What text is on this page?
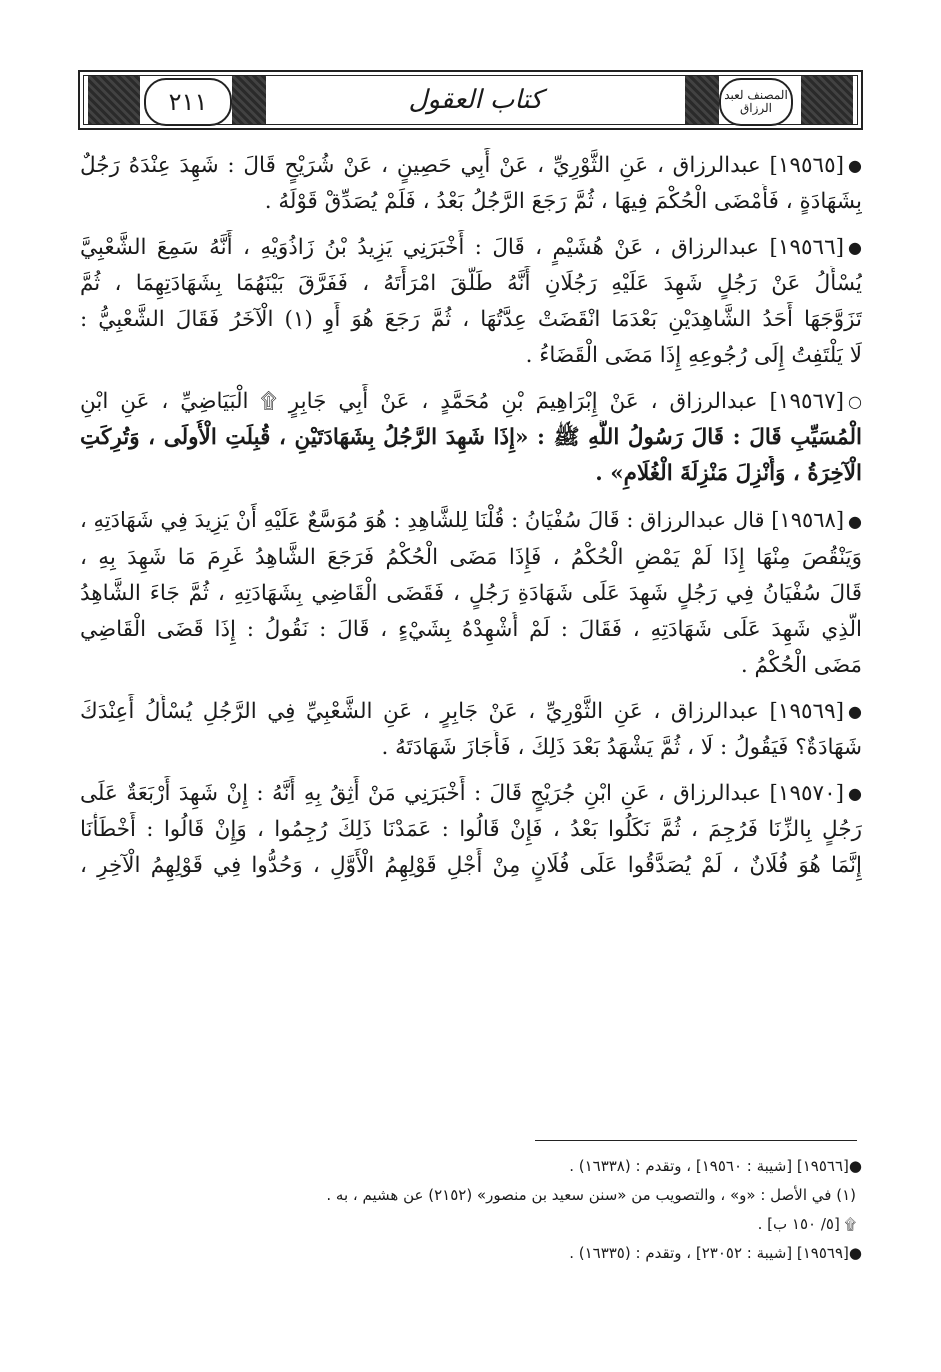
٢١١	كتاب العقول	المصنف لعبد الرزاق
●[١٩٥٦٥] عبدالرزاق ، عَنِ الثَّوْرِيِّ ، عَنْ أَبِي حَصِينٍ ، عَنْ شُرَيْحٍ قَالَ : شَهِدَ عِنْدَهُ رَجُلٌ
بِشَهَادَةٍ ، فَأَمْضَى الْحُكْمَ فِيهَا ، ثُمَّ رَجَعَ الرَّجُلُ بَعْدُ ، فَلَمْ يُصَدِّقْ قَوْلَهُ .
●[١٩٥٦٦] عبدالرزاق ، عَنْ هُشَيْمٍ ، قَالَ : أَخْبَرَنِي يَزِيدُ بْنُ زَاذُوَيْهِ ، أَنَّهُ سَمِعَ الشَّعْبِيَّ
يُسْأَلُ عَنْ رَجُلٍ شَهِدَ عَلَيْهِ رَجُلَانِ أَنَّهُ طَلَّقَ امْرَأَتَهُ ، فَفَرَّقَ بَيْنَهُمَا بِشَهَادَتِهِمَا ، ثُمَّ
تَزَوَّجَهَا أَحَدُ الشَّاهِدَيْنِ بَعْدَمَا انْقَضَتْ عِدَّتُهَا ، ثُمَّ رَجَعَ هُوَ أَوِ (١) الْآخَرُ فَقَالَ الشَّعْبِيُّ :
لَا يَلْتَفِتُ إِلَى رُجُوعِهِ إِذَا مَضَى الْقَضَاءُ .
○[١٩٥٦٧] عبدالرزاق ، عَنْ إِبْرَاهِيمَ بْنِ مُحَمَّدٍ ، عَنْ أَبِي جَابِرٍ ۩ الْبَيَاضِيِّ ، عَنِ ابْنِ
الْمُسَيِّبِ قَالَ : قَالَ رَسُولُ اللَّهِ ﷺ : «إِذَا شَهِدَ الرَّجُلُ بِشَهَادَتَيْنِ ، قُبِلَتِ الْأُولَى ، وَتُرِكَتِ
الْآخِرَةُ ، وَأُنْزِلَ مَنْزِلَةَ الْغُلَامِ» .
●[١٩٥٦٨] قال عبدالرزاق : قَالَ سُفْيَانُ : قُلْنَا لِلشَّاهِدِ : هُوَ مُوَسَّعٌ عَلَيْهِ أَنْ يَزِيدَ فِي شَهَادَتِهِ ،
وَيَنْقُصَ مِنْهَا إِذَا لَمْ يَمْضِ الْحُكْمُ ، فَإِذَا مَضَى الْحُكْمُ فَرَجَعَ الشَّاهِدُ غَرِمَ مَا شَهِدَ بِهِ ،
قَالَ سُفْيَانُ فِي رَجُلٍ شَهِدَ عَلَى شَهَادَةِ رَجُلٍ ، فَقَضَى الْقَاضِي بِشَهَادَتِهِ ، ثُمَّ جَاءَ الشَّاهِدُ
الَّذِي شَهِدَ عَلَى شَهَادَتِهِ ، فَقَالَ : لَمْ أُشْهِدْهُ بِشَيْءٍ ، قَالَ : نَقُولُ : إِذَا قَضَى الْقَاضِي
مَضَى الْحُكْمُ .
●[١٩٥٦٩] عبدالرزاق ، عَنِ الثَّوْرِيِّ ، عَنْ جَابِرٍ ، عَنِ الشَّعْبِيِّ فِي الرَّجُلِ يُسْأَلُ أَعِنْدَكَ
شَهَادَةٌ؟ فَيَقُولُ : لَا ، ثُمَّ يَشْهَدُ بَعْدَ ذَلِكَ ، فَأَجَازَ شَهَادَتَهُ .
●[١٩٥٧٠] عبدالرزاق ، عَنِ ابْنِ جُرَيْجٍ قَالَ : أَخْبَرَنِي مَنْ أَثِقُ بِهِ أَنَّهُ : إِنْ شَهِدَ أَرْبَعَةٌ عَلَى
رَجُلٍ بِالزِّنَا فَرُجِمَ ، ثُمَّ نَكَلُوا بَعْدُ ، فَإِنْ قَالُوا : عَمَدْنَا ذَلِكَ رُجِمُوا ، وَإِنْ قَالُوا : أَخْطَأْنَا
إِنَّمَا هُوَ فُلَانٌ ، لَمْ يُصَدَّقُوا عَلَى فُلَانٍ مِنْ أَجْلِ قَوْلِهِمُ الْأَوَّلِ ، وَحُدُّوا فِي قَوْلِهِمُ الْآخِرِ ،
●[١٩٥٦٦] [شيبة : ١٩٥٦٠] ، وتقدم : (١٦٣٣٨) .
(١) في الأصل : «و» ، والتصويب من «سنن سعيد بن منصور» (٢١٥٢) عن هشيم ، به .
۩ [٥/ ١٥٠ ب] .
●[١٩٥٦٩] [شيبة : ٢٣٠٥٢] ، وتقدم : (١٦٣٣٥) .
